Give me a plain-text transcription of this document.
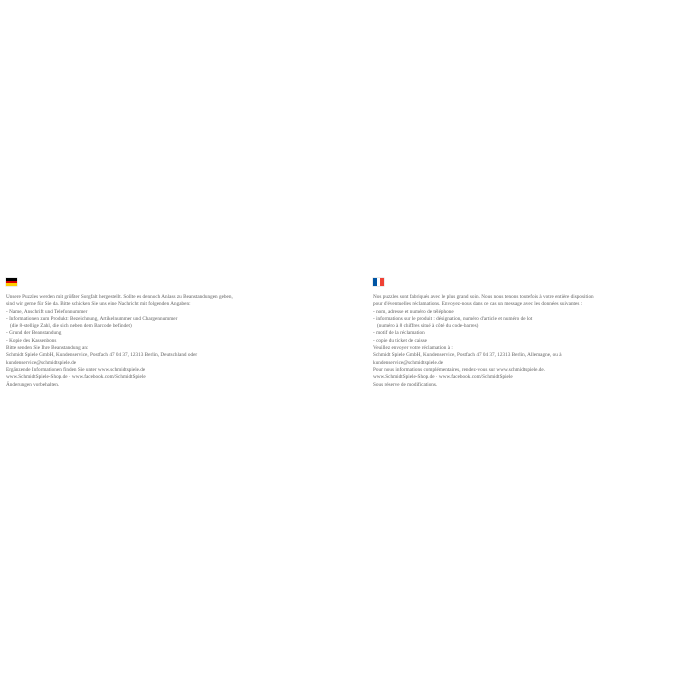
Unsere Puzzles werden mit größter Sorgfalt hergestellt. Sollte es dennoch Anlass zu Beanstandungen geben,
sind wir gerne für Sie da. Bitte schicken Sie uns eine Nachricht mit folgenden Angaben:
- Name, Anschrift und Telefonnummer
- Informationen zum Produkt: Bezeichnung, Artikelnummer und Chargennummer
(die 8-stellige Zahl, die sich neben dem Barcode befindet)
- Grund der Beanstandung
- Kopie des Kassenbons
Bitte senden Sie Ihre Beanstandung an:
Schmidt Spiele GmbH, Kundenservice, Postfach 47 04 37, 12313 Berlin, Deutschland oder
kundenservice@schmidtspiele.de
Ergänzende Informationen finden Sie unter www.schmidtspiele.de
www.SchmidtSpiele-Shop.de · www.facebook.com/SchmidtSpiele
Änderungen vorbehalten.
Nos puzzles sont fabriqués avec le plus grand soin. Nous nous tenons toutefois à votre entière disposition
pour d'éventuelles réclamations. Envoyez-nous dans ce cas un message avec les données suivantes :
- nom, adresse et numéro de téléphone
- informations sur le produit : désignation, numéro d'article et numéro de lot
(numéro à 8 chiffres situé à côté du code-barres)
- motif de la réclamation
- copie du ticket de caisse
Veuillez envoyer votre réclamation à :
Schmidt Spiele GmbH, Kundenservice, Postfach 47 04 37, 12313 Berlin, Allemagne, ou à
kundenservice@schmidtspiele.de
Pour nous informations complémentaires, rendez-vous sur www.schmidtspiele.de.
www.SchmidtSpiele-Shop.de · www.facebook.com/SchmidtSpiele
Sous réserve de modifications.
